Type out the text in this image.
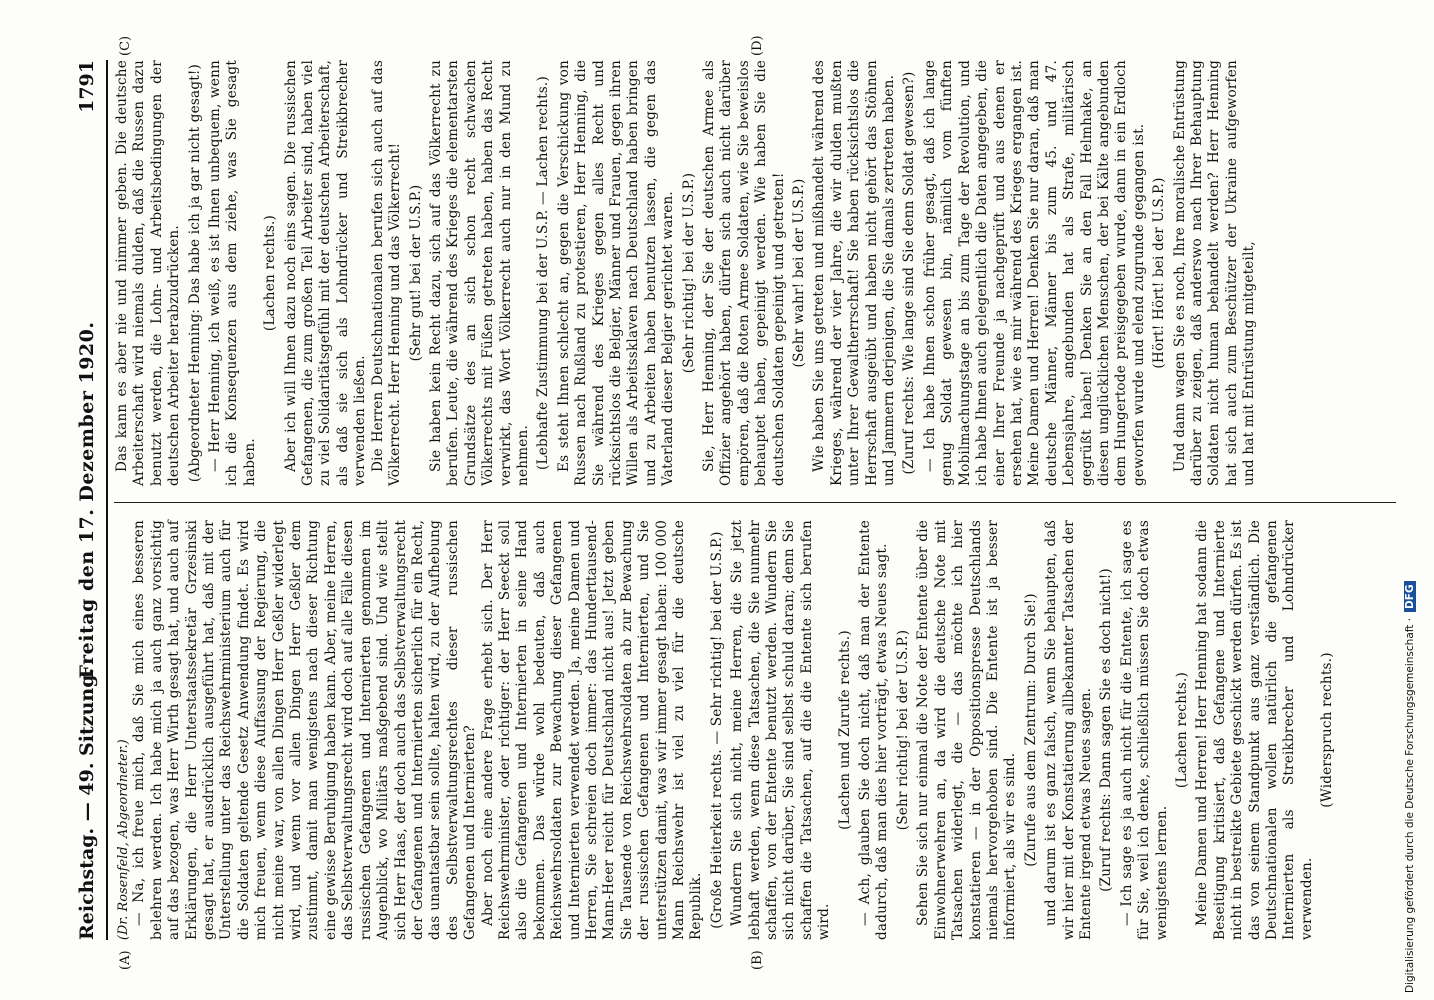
Reichstag. — 49. Sitzung.
Freitag den 17. Dezember 1920.
1791
(A)	(B)
(C)	(D)

(Dr. Rosenfeld, Abgeordneter.) — Na, ich freue mich, daß Sie mich eines besseren belehren werden. Ich habe mich ja auch ganz vorsichtig auf das bezogen, was Herr Wirth gesagt hat, und auch auf Erklärungen, die Herr Unterstaatssekretär Grzesinski gesagt hat, er ausdrücklich ausgeführt hat, daß mit der Unterstellung unter das Reichswehrministerium auch für die Soldaten geltende Gesetz Anwendung findet. Es wird mich freuen, wenn diese Auffassung der Regierung, die nicht meine war, von allen Dingen Herr Geßler widerlegt wird, und wenn vor allen Dingen Herr Geßler dem zustimmt, damit man wenigstens nach dieser Richtung eine gewisse Beruhigung haben kann. Aber, meine Herren, das Selbstverwaltungsrecht wird doch auf alle Fälle diesen russischen Gefangenen und Internierten genommen im Augenblick, wo Militärs maßgebend sind. Und wie stellt sich Herr Haas, der doch auch das Selbstverwaltungsrecht der Gefangenen und Internierten sicherlich für ein Recht, das unantastbar sein sollte, halten wird, zu der Aufhebung des Selbstverwaltungsrechtes dieser russischen Gefangenen und Internierten? Aber noch eine andere Frage erhebt sich. Der Herr Reichswehrminister, oder richtiger: der Herr Seeckt soll also die Gefangenen und Internierten in seine Hand bekommen. Das würde wohl bedeuten, daß auch Reichswehrsoldaten zur Bewachung dieser Gefangenen und Internierten verwendet werden. Ja, meine Damen und Herren, Sie schreien doch immer: das Hunderttausend-Mann-Heer reicht für Deutschland nicht aus! Jetzt geben Sie Tausende von Reichswehrsoldaten ab zur Bewachung der russischen Gefangenen und Internierten, und Sie unterstützen damit, was wir immer gesagt haben: 100 000 Mann Reichswehr ist viel zu viel für die deutsche Republik. (Große Heiterkeit rechts. — Sehr richtig! bei der U.S.P.) Wundern Sie sich nicht, meine Herren, die Sie jetzt lebhaft werden, wenn diese Tatsachen, die Sie nunmehr schaffen, von der Entente benutzt werden. Wundern Sie sich nicht darüber, Sie sind selbst schuld daran; denn Sie schaffen die Tatsachen, auf die die Entente sich berufen wird.

(Lachen und Zurufe rechts.) — Ach, glauben Sie doch nicht, daß man der Entente dadurch, daß man dies hier vorträgt, etwas Neues sagt. (Sehr richtig! bei der U.S.P.) Sehen Sie sich nur einmal die Note der Entente über die Einwohnerwehren an, da wird die deutsche Note mit Tatsachen widerlegt, die — das möchte ich hier konstatieren — in der Oppositionspresse Deutschlands niemals hervorgehoben sind. Die Entente ist ja besser informiert, als wir es sind. (Zurufe aus dem Zentrum: Durch Sie!) und darum ist es ganz falsch, wenn Sie behaupten, daß wir hier mit der Konstatierung allbekannter Tatsachen der Entente irgend etwas Neues sagen. (Zuruf rechts: Dann sagen Sie es doch nicht!) — Ich sage es ja auch nicht für die Entente, ich sage es für Sie, weil ich denke, schließlich müssen Sie doch etwas wenigstens lernen.

(Lachen rechts.) Meine Damen und Herren! Herr Henning hat sodann die Beseitigung kritisiert, daß Gefangene und Internierte nicht in bestreikte Gebiete geschickt werden dürfen. Es ist das von seinem Standpunkt aus ganz verständlich. Die Deutschnationalen wollen natürlich die gefangenen Internierten als Streikbrecher und Lohndrücker verwenden.

(Widerspruch rechts.)

Das kann es aber nie und nimmer geben. Die deutsche Arbeiterschaft wird niemals dulden, daß die Russen dazu benutzt werden, die Lohn- und Arbeitsbedingungen der deutschen Arbeiter herabzudrücken. (Abgeordneter Henning: Das habe ich ja gar nicht gesagt!) — Herr Henning, ich weiß, es ist Ihnen unbequem, wenn ich die Konsequenzen aus dem ziehe, was Sie gesagt haben.

(Lachen rechts.) Aber ich will Ihnen dazu noch eins sagen. Die russischen Gefangenen, die zum großen Teil Arbeiter sind, haben viel zu viel Solidaritätsgefühl mit der deutschen Arbeiterschaft, als daß sie sich als Lohndrücker und Streikbrecher verwenden ließen. Die Herren Deutschnationalen berufen sich auch auf das Völkerrecht. Herr Henning und das Völkerrecht! (Sehr gut! bei der U.S.P.) Sie haben kein Recht dazu, sich auf das Völkerrecht zu berufen. Leute, die während des Krieges die elementarsten Grundsätze des an sich schon recht schwachen Völkerrechts mit Füßen getreten haben, haben das Recht verwirkt, das Wort Völkerrecht auch nur in den Mund zu nehmen. (Lebhafte Zustimmung bei der U.S.P. — Lachen rechts.) Es steht Ihnen schlecht an, gegen die Verschickung von Russen nach Rußland zu protestieren, Herr Henning, die Sie während des Krieges gegen alles Recht und rücksichtslos die Belgier, Männer und Frauen, gegen ihren Willen als Arbeitssklaven nach Deutschland haben bringen und zu Arbeiten haben benutzen lassen, die gegen das Vaterland dieser Belgier gerichtet waren. (Sehr richtig! bei der U.S.P.) Sie, Herr Henning, der Sie der deutschen Armee als Offizier angehört haben, dürfen sich auch nicht darüber empören, daß die Roten Armee Soldaten, wie Sie beweislos behauptet haben, gepeinigt werden. Wie haben Sie die deutschen Soldaten gepeinigt und getreten! (Sehr wahr! bei der U.S.P.) Wie haben Sie uns getreten und mißhandelt während des Krieges, während der vier Jahre, die wir dulden mußten unter Ihrer Gewaltherrschaft! Sie haben rücksichtslos die Herrschaft ausgeübt und haben nicht gehört das Stöhnen und Jammern derjenigen, die Sie damals zertreten haben. (Zuruf rechts: Wie lange sind Sie denn Soldat gewesen?) — Ich habe Ihnen schon früher gesagt, daß ich lange genug Soldat gewesen bin, nämlich vom fünften Mobilmachungstage an bis zum Tage der Revolution, und ich habe Ihnen auch gelegentlich die Daten angegeben, die einer Ihrer Freunde ja nachgeprüft und aus denen er ersehen hat, wie es mir während des Krieges ergangen ist. Meine Damen und Herren! Denken Sie nur daran, daß man deutsche Männer, Männer bis zum 45. und 47. Lebensjahre, angebunden hat als Strafe, militärisch gegrüßt haben! Denken Sie an den Fall Helmhake, an diesen unglücklichen Menschen, der bei Kälte angebunden dem Hungertode preisgegeben wurde, dann in ein Erdloch geworfen wurde und elend zugrunde gegangen ist. (Hört! Hört! bei der U.S.P.) Und dann wagen Sie es noch, Ihre moralische Entrüstung darüber zu zeigen, daß anderswo nach Ihrer Behauptung Soldaten nicht human behandelt werden? Herr Henning hat sich auch zum Beschützer der Ukraine aufgeworfen und hat mit Entrüstung mitgeteilt,

Digitalisierung gefördert durch die Deutsche Forschungsgemeinschaft ·DFG
